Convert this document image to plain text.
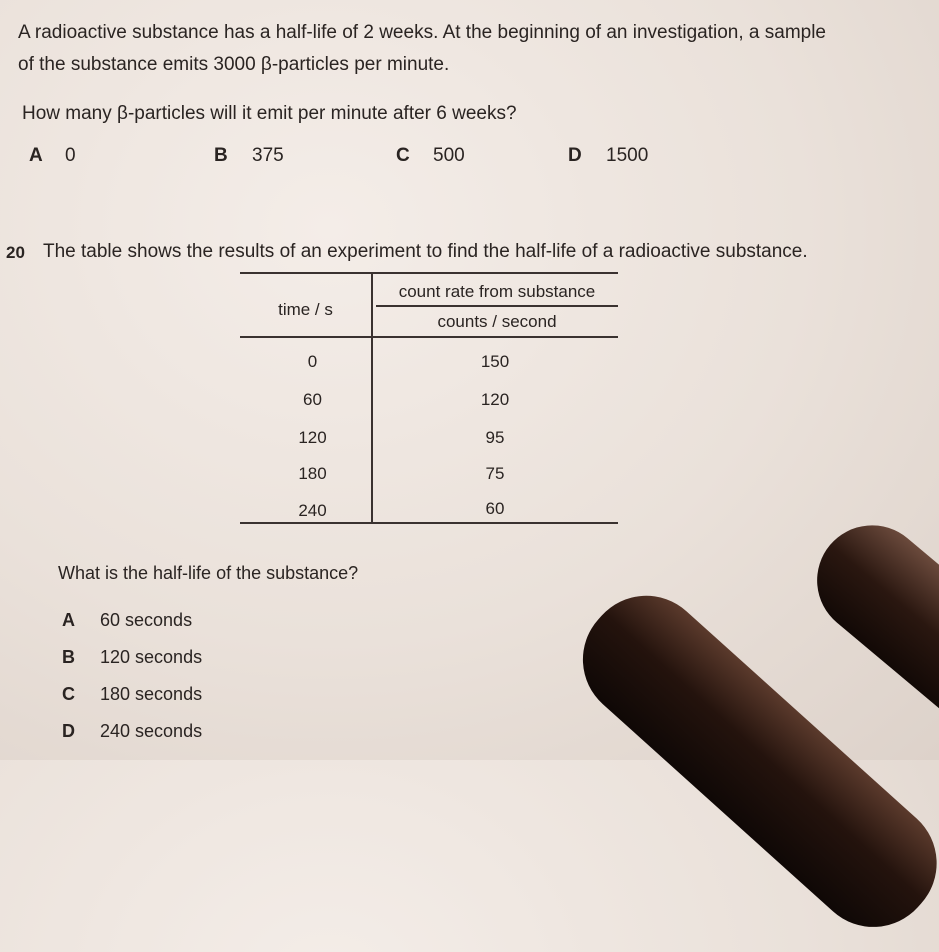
A radioactive substance has a half-life of 2 weeks. At the beginning of an investigation, a sample
of the substance emits 3000 β-particles per minute.
How many β-particles will it emit per minute after 6 weeks?
A 0	B 375	C 500	D 1500
20 The table shows the results of an experiment to find the half-life of a radioactive substance.
time / s
count rate from substance
counts / second
0	150
60	120
120	95
180	75
240	60
What is the half-life of the substance?
A 60 seconds
B 120 seconds
C 180 seconds
D 240 seconds
